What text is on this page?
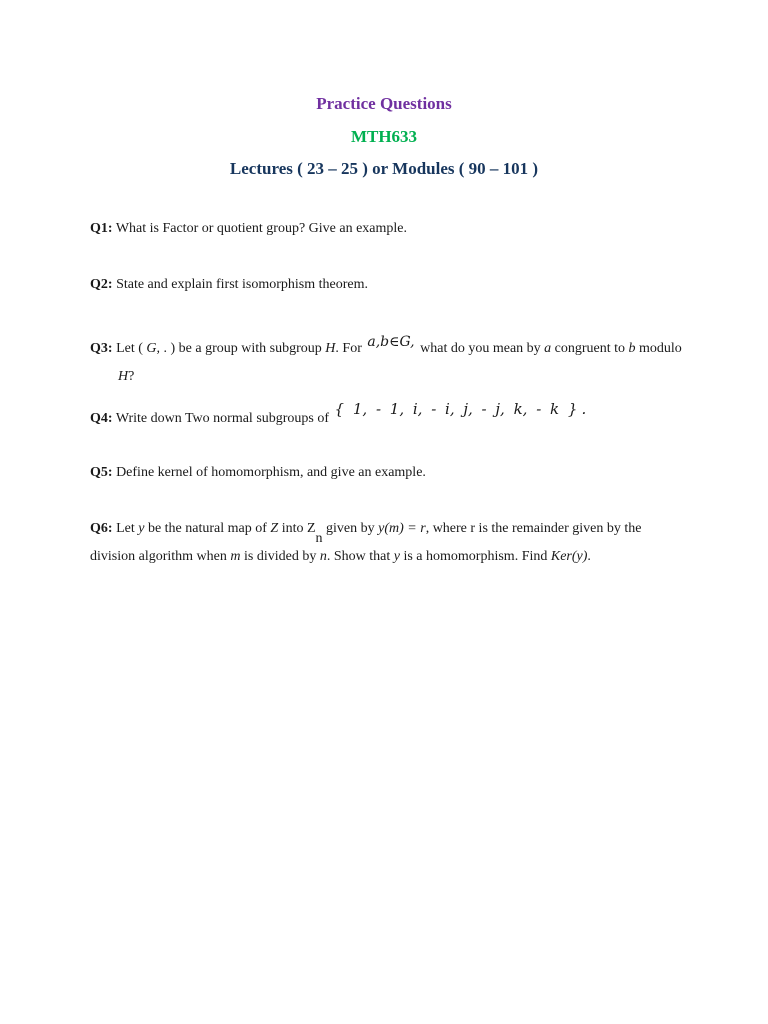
Practice Questions
MTH633
Lectures ( 23 – 25 ) or Modules ( 90 – 101 )
Q1: What is Factor or quotient group? Give an example.
Q2: State and explain first isomorphism theorem.
Q3: Let ( G, . ) be a group with subgroup H. For a,b∈G, what do you mean by a congruent to b modulo
H?
Q4: Write down Two normal subgroups of { 1, - 1, i, - i, j, - j, k, - k } .
Q5: Define kernel of homomorphism, and give an example.
Q6: Let y be the natural map of Z into Zn given by y(m) = r, where r is the remainder given by the
division algorithm when m is divided by n. Show that y is a homomorphism. Find Ker(y).
